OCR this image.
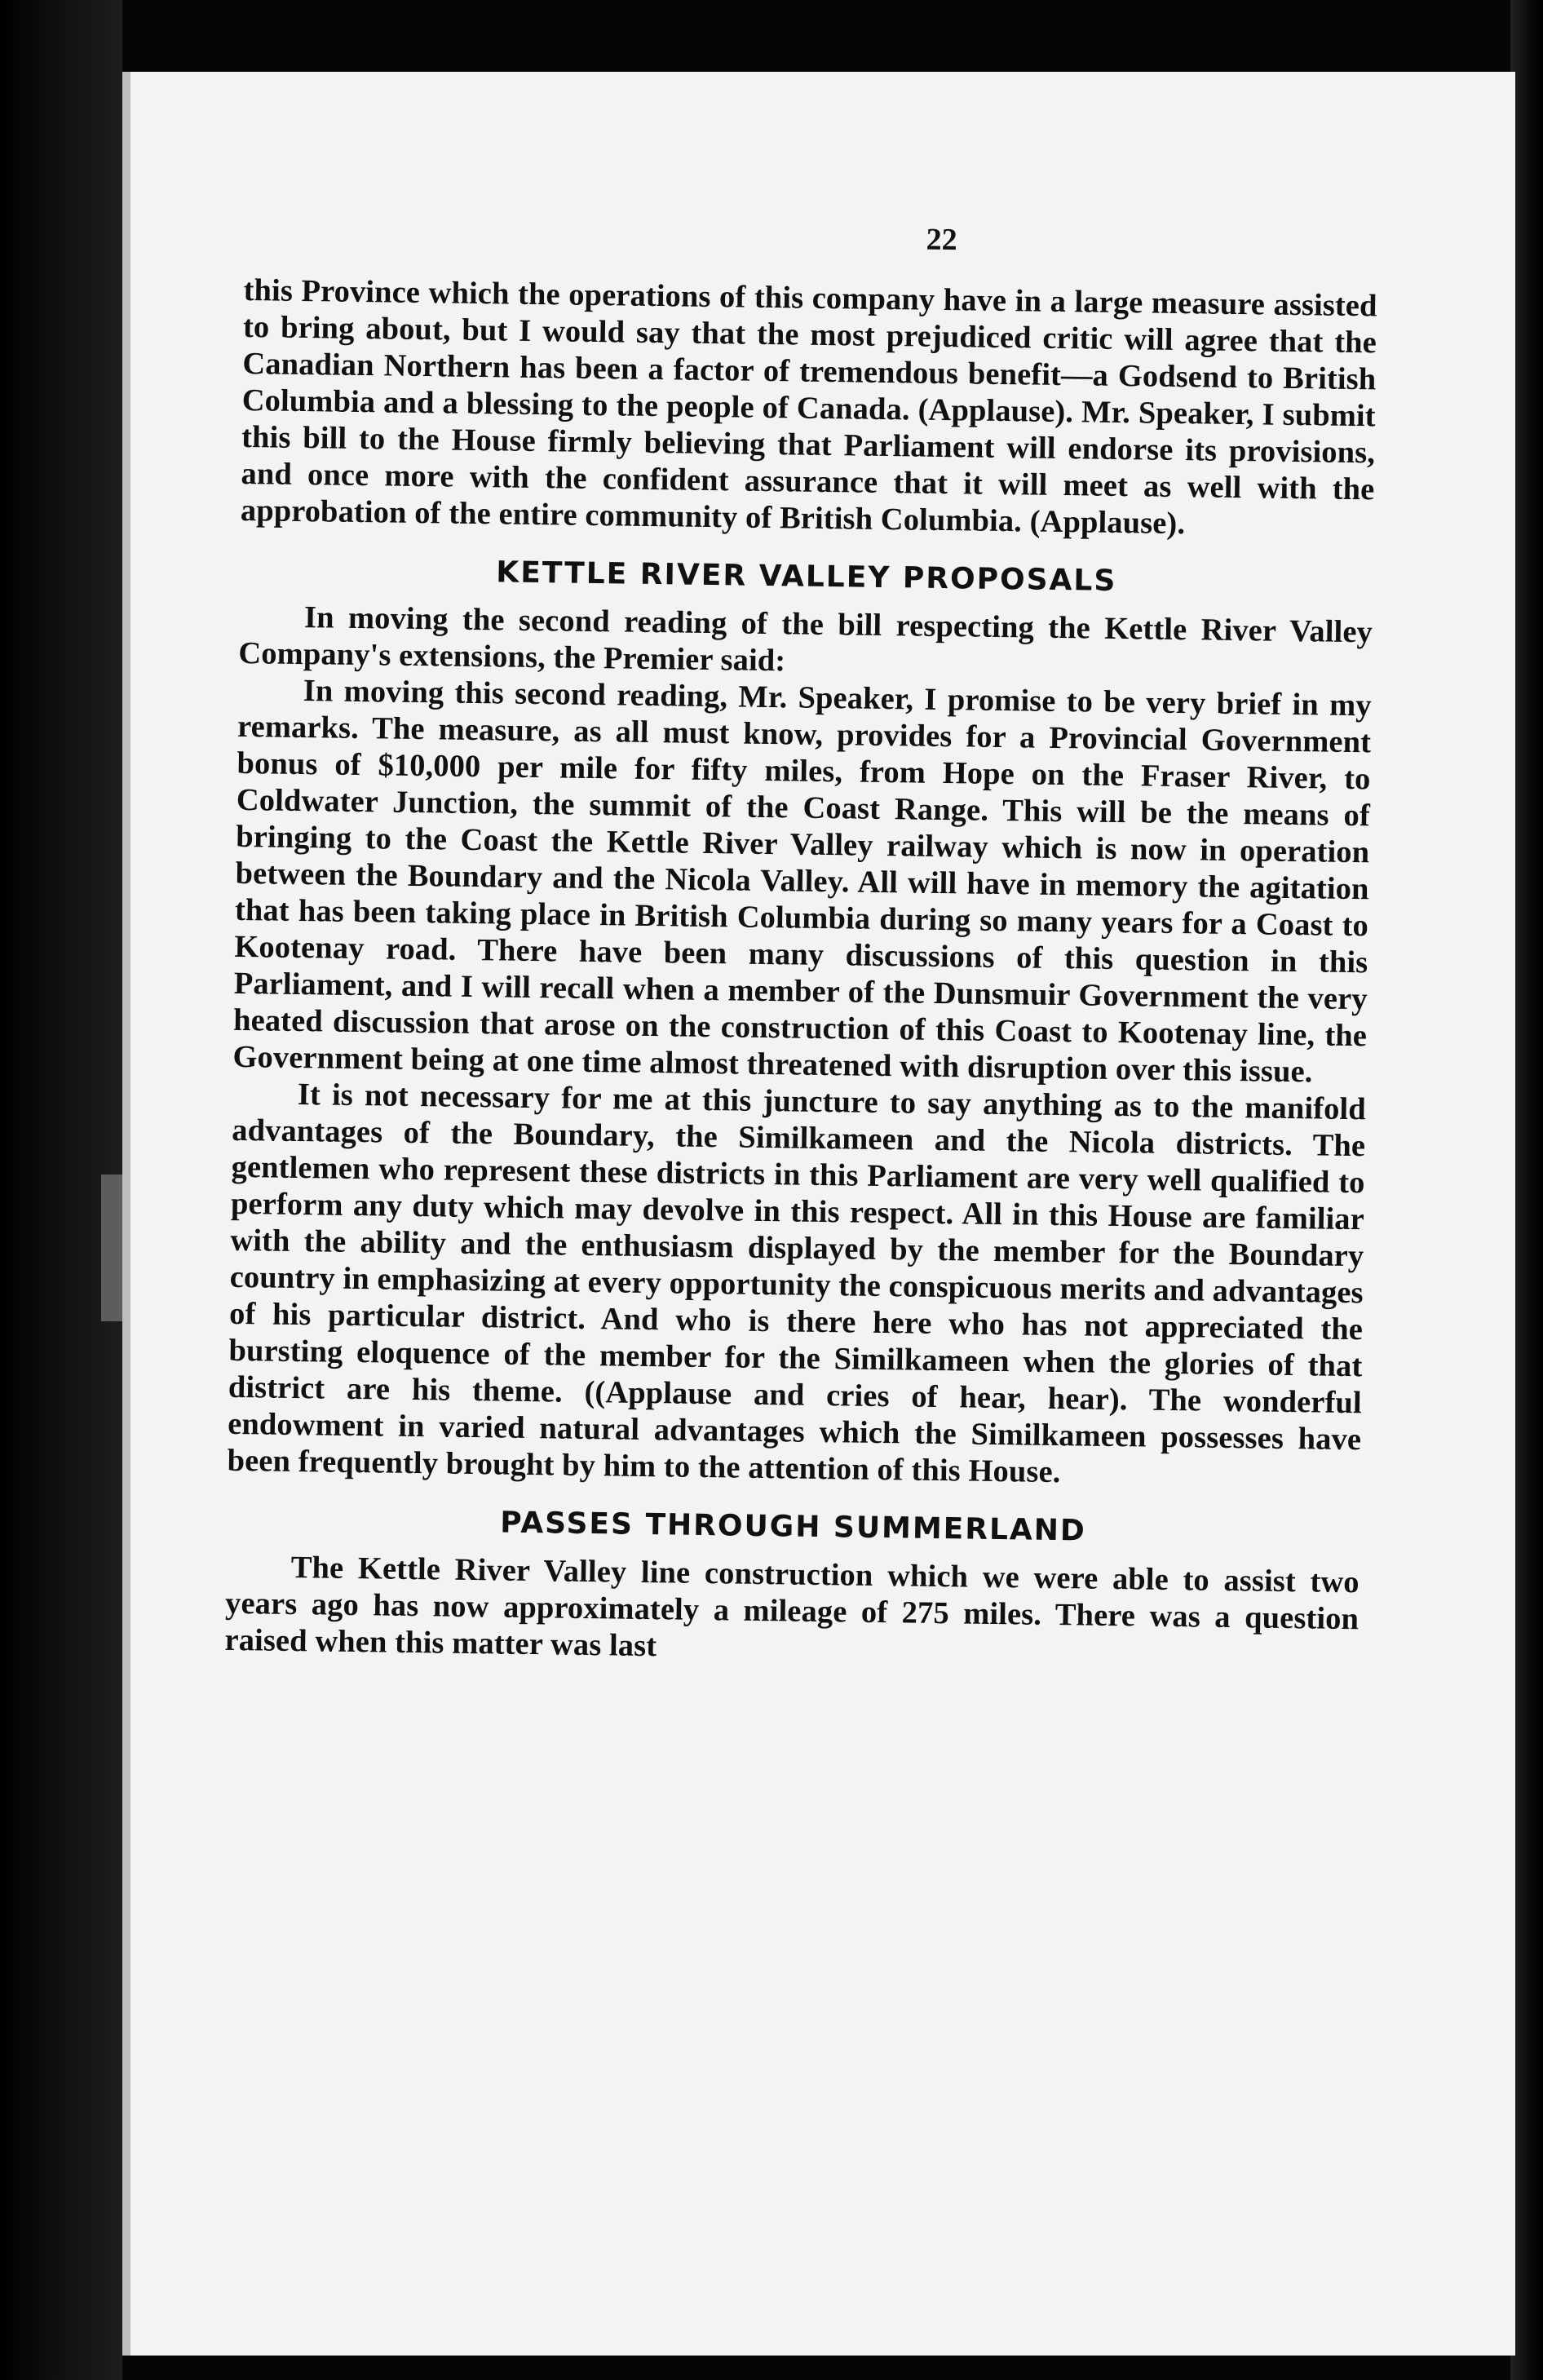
22

this Province which the operations of this company have in a large measure assisted to bring about, but I would say that the most prejudiced critic will agree that the Canadian Northern has been a factor of tremendous benefit—a Godsend to British Columbia and a blessing to the people of Canada. (Applause). Mr. Speaker, I submit this bill to the House firmly believing that Parliament will endorse its provisions, and once more with the confident assurance that it will meet as well with the approbation of the entire community of British Columbia. (Applause).

KETTLE RIVER VALLEY PROPOSALS

In moving the second reading of the bill respecting the Kettle River Valley Company's extensions, the Premier said:

In moving this second reading, Mr. Speaker, I promise to be very brief in my remarks. The measure, as all must know, provides for a Provincial Government bonus of $10,000 per mile for fifty miles, from Hope on the Fraser River, to Coldwater Junction, the summit of the Coast Range. This will be the means of bringing to the Coast the Kettle River Valley railway which is now in operation between the Boundary and the Nicola Valley. All will have in memory the agitation that has been taking place in British Columbia during so many years for a Coast to Kootenay road. There have been many discussions of this question in this Parliament, and I will recall when a member of the Dunsmuir Government the very heated discussion that arose on the construction of this Coast to Kootenay line, the Government being at one time almost threatened with disruption over this issue.

It is not necessary for me at this juncture to say anything as to the manifold advantages of the Boundary, the Similkameen and the Nicola districts. The gentlemen who represent these districts in this Parliament are very well qualified to perform any duty which may devolve in this respect. All in this House are familiar with the ability and the enthusiasm displayed by the member for the Boundary country in emphasizing at every opportunity the conspicuous merits and advantages of his particular district. And who is there here who has not appreciated the bursting eloquence of the member for the Similkameen when the glories of that district are his theme. ((Applause and cries of hear, hear). The wonderful endowment in varied natural advantages which the Similkameen possesses have been frequently brought by him to the attention of this House.

PASSES THROUGH SUMMERLAND

The Kettle River Valley line construction which we were able to assist two years ago has now approximately a mileage of 275 miles. There was a question raised when this matter was last
